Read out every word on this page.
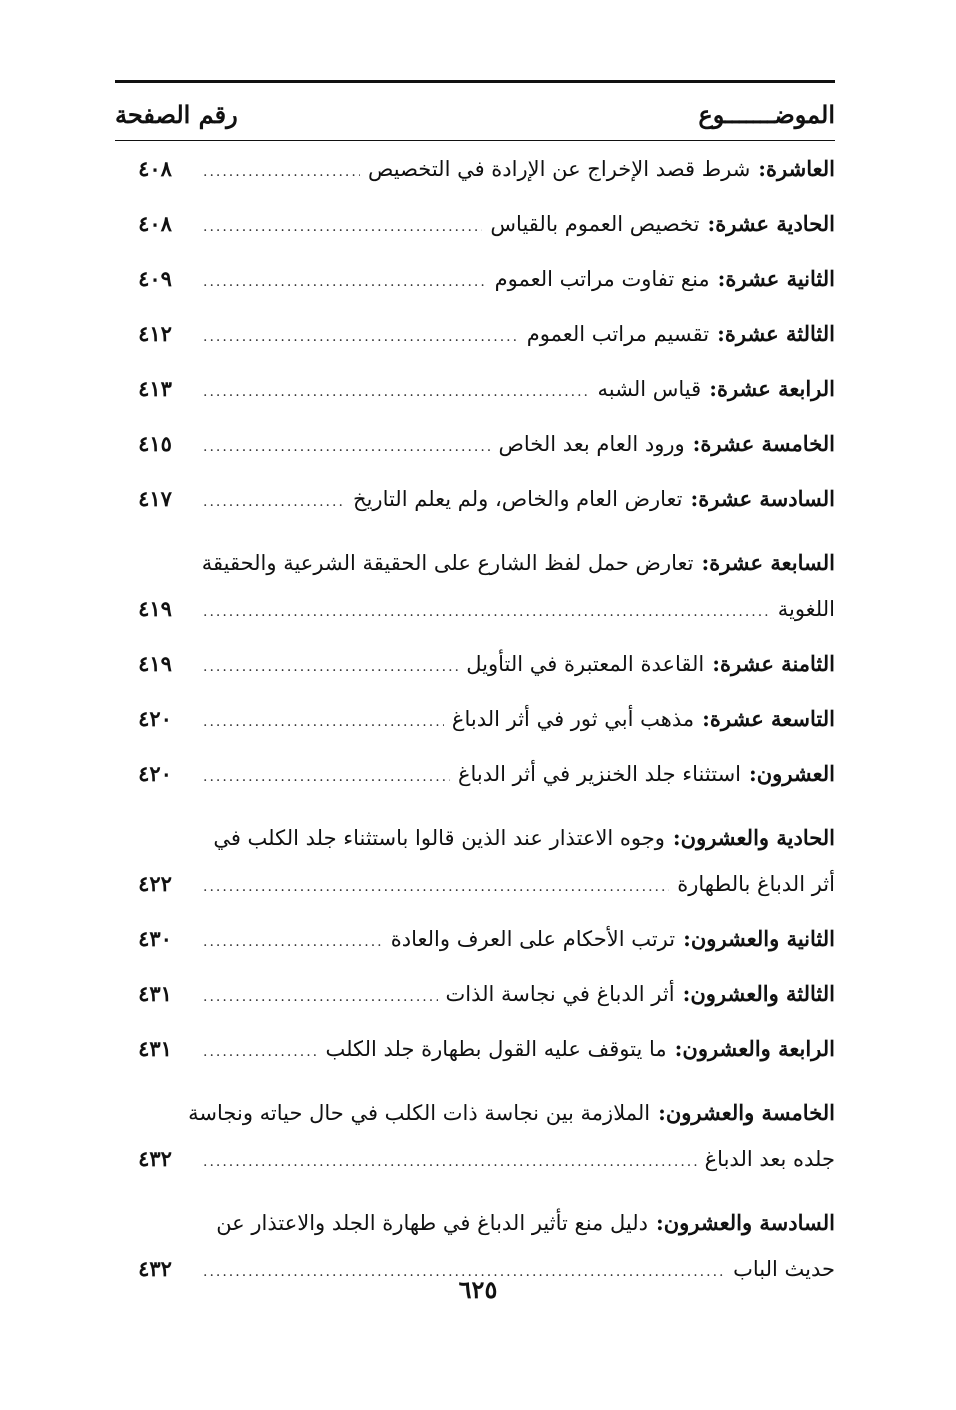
الموضـــــــوع
رقم الصفحة
العاشرة:
شرط قصد الإخراج عن الإرادة في التخصيص
.....
٤٠٨
الحادية عشرة:
تخصيص العموم بالقياس
.....
٤٠٨
الثانية عشرة:
منع تفاوت مراتب العموم
.....
٤٠٩
الثالثة عشرة:
تقسيم مراتب العموم
.....
٤١٢
الرابعة عشرة:
قياس الشبه
.....
٤١٣
الخامسة عشرة:
ورود العام بعد الخاص
.....
٤١٥
السادسة عشرة:
تعارض العام والخاص، ولم يعلم التاريخ
.....
٤١٧
السابعة عشرة:
تعارض حمل لفظ الشارع على الحقيقة الشرعية والحقيقة
اللغوية
.....
٤١٩
الثامنة عشرة:
القاعدة المعتبرة في التأويل
.....
٤١٩
التاسعة عشرة:
مذهب أبي ثور في أثر الدباغ
.....
٤٢٠
العشرون:
استثناء جلد الخنزير في أثر الدباغ
.....
٤٢٠
الحادية والعشرون:
وجوه الاعتذار عند الذين قالوا باستثناء جلد الكلب في
أثر الدباغ بالطهارة
.....
٤٢٢
الثانية والعشرون:
ترتب الأحكام على العرف والعادة
.....
٤٣٠
الثالثة والعشرون:
أثر الدباغ في نجاسة الذات
.....
٤٣١
الرابعة والعشرون:
ما يتوقف عليه القول بطهارة جلد الكلب
.....
٤٣١
الخامسة والعشرون:
الملازمة بين نجاسة ذات الكلب في حال حياته ونجاسة
جلده بعد الدباغ
.....
٤٣٢
السادسة والعشرون:
دليل منع تأثير الدباغ في طهارة الجلد والاعتذار عن
حديث الباب
.....
٤٣٢
٦٢٥
